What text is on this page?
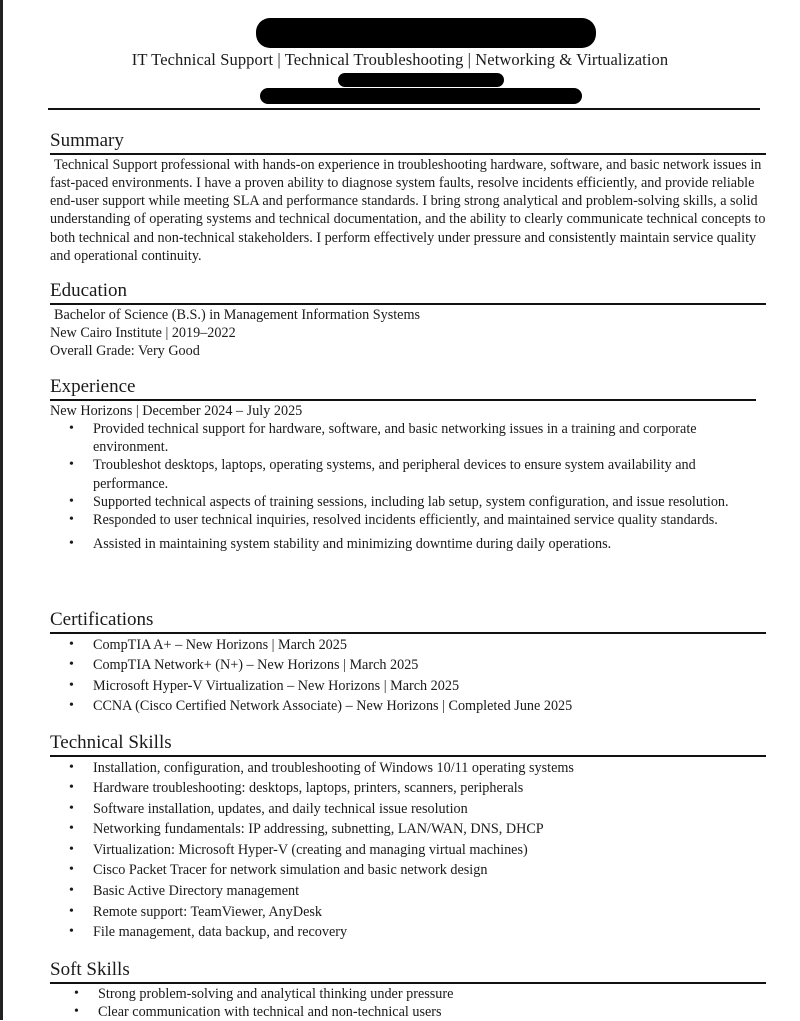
IT Technical Support | Technical Troubleshooting | Networking & Virtualization
Summary

Technical Support professional with hands-on experience in troubleshooting hardware, software, and basic network issues in fast-paced environments. I have a proven ability to diagnose system faults, resolve incidents efficiently, and provide reliable end-user support while meeting SLA and performance standards. I bring strong analytical and problem-solving skills, a solid understanding of operating systems and technical documentation, and the ability to clearly communicate technical concepts to both technical and non-technical stakeholders. I perform effectively under pressure and consistently maintain service quality and operational continuity.

Education
Bachelor of Science (B.S.) in Management Information Systems
New Cairo Institute | 2019–2022
Overall Grade: Very Good
Experience
New Horizons | December 2024 – July 2025
• Provided technical support for hardware, software, and basic networking issues in a training and corporate environment.
• Troubleshot desktops, laptops, operating systems, and peripheral devices to ensure system availability and performance.
• Supported technical aspects of training sessions, including lab setup, system configuration, and issue resolution.
• Responded to user technical inquiries, resolved incidents efficiently, and maintained service quality standards.
• Assisted in maintaining system stability and minimizing downtime during daily operations.
Certifications
• CompTIA A+ – New Horizons | March 2025
• CompTIA Network+ (N+) – New Horizons | March 2025
• Microsoft Hyper-V Virtualization – New Horizons | March 2025
• CCNA (Cisco Certified Network Associate) – New Horizons | Completed June 2025
Technical Skills
• Installation, configuration, and troubleshooting of Windows 10/11 operating systems
• Hardware troubleshooting: desktops, laptops, printers, scanners, peripherals
• Software installation, updates, and daily technical issue resolution
• Networking fundamentals: IP addressing, subnetting, LAN/WAN, DNS, DHCP
• Virtualization: Microsoft Hyper-V (creating and managing virtual machines)
• Cisco Packet Tracer for network simulation and basic network design
• Basic Active Directory management
• Remote support: TeamViewer, AnyDesk
• File management, data backup, and recovery
Soft Skills
• Strong problem-solving and analytical thinking under pressure
• Clear communication with technical and non-technical users
